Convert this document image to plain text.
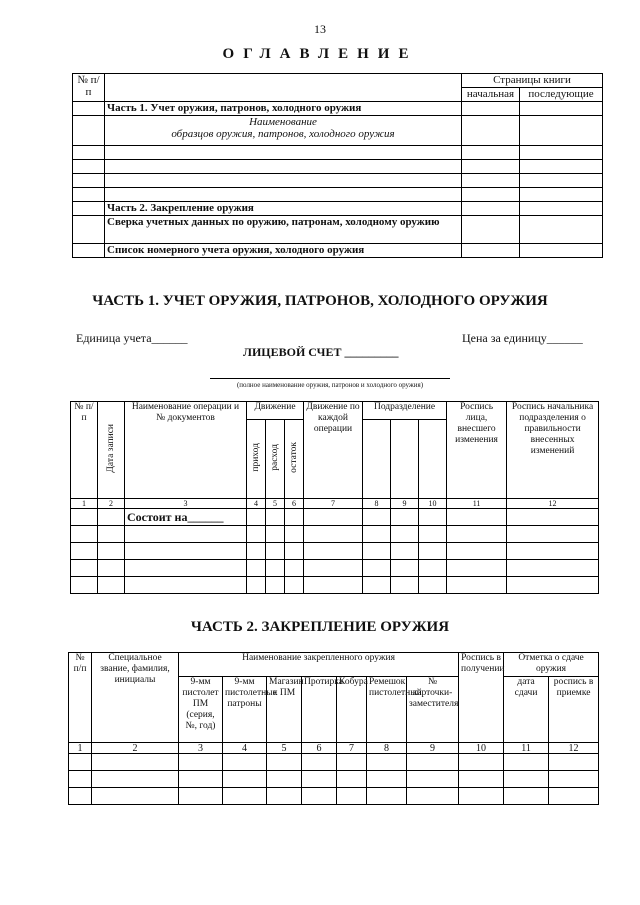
13
ОГЛАВЛЕНИЕ
№ п/п		Страницы книги	
		начальная	последующие
	Часть 1. Учет оружия, патронов, холодного оружия		
	Наименование
образцов оружия, патронов, холодного оружия		

	Часть 2. Закрепление оружия		
	Сверка учетных данных по оружию, патронам, холодному оружию		
	Список номерного учета оружия, холодного оружия		
ЧАСТЬ 1. УЧЕТ ОРУЖИЯ, ПАТРОНОВ, ХОЛОДНОГО ОРУЖИЯ
Единица учета______	Цена за единицу______
ЛИЦЕВОЙ СЧЕТ _________
(полное наименование оружия, патронов и холодного оружия)
№ п/п	Дата записи	Наименование операции и № документов	Движение			Движение по каждой операции	Подразделение			Роспись лица, внесшего изменения	Роспись начальника подразделения о правильности внесенных изменений
			приход	расход	остаток						
1	2	3	4	5	6	7	8	9	10	11	12
		Состоит на______									

ЧАСТЬ 2. ЗАКРЕПЛЕНИЕ ОРУЖИЯ
№ п/п	Специальное звание, фамилия, инициалы	Наименование закрепленного оружия							Роспись в получении	Отметка о сдаче оружия	
		9-мм пистолет ПМ (серия, №, год)	9-мм пистолетные патроны	Магазин к ПМ	Протирка	Кобура	Ремешок пистолетный	№ карточки-заместителя		дата сдачи	роспись в приемке
1	2	3	4	5	6	7	8	9	10	11	12
